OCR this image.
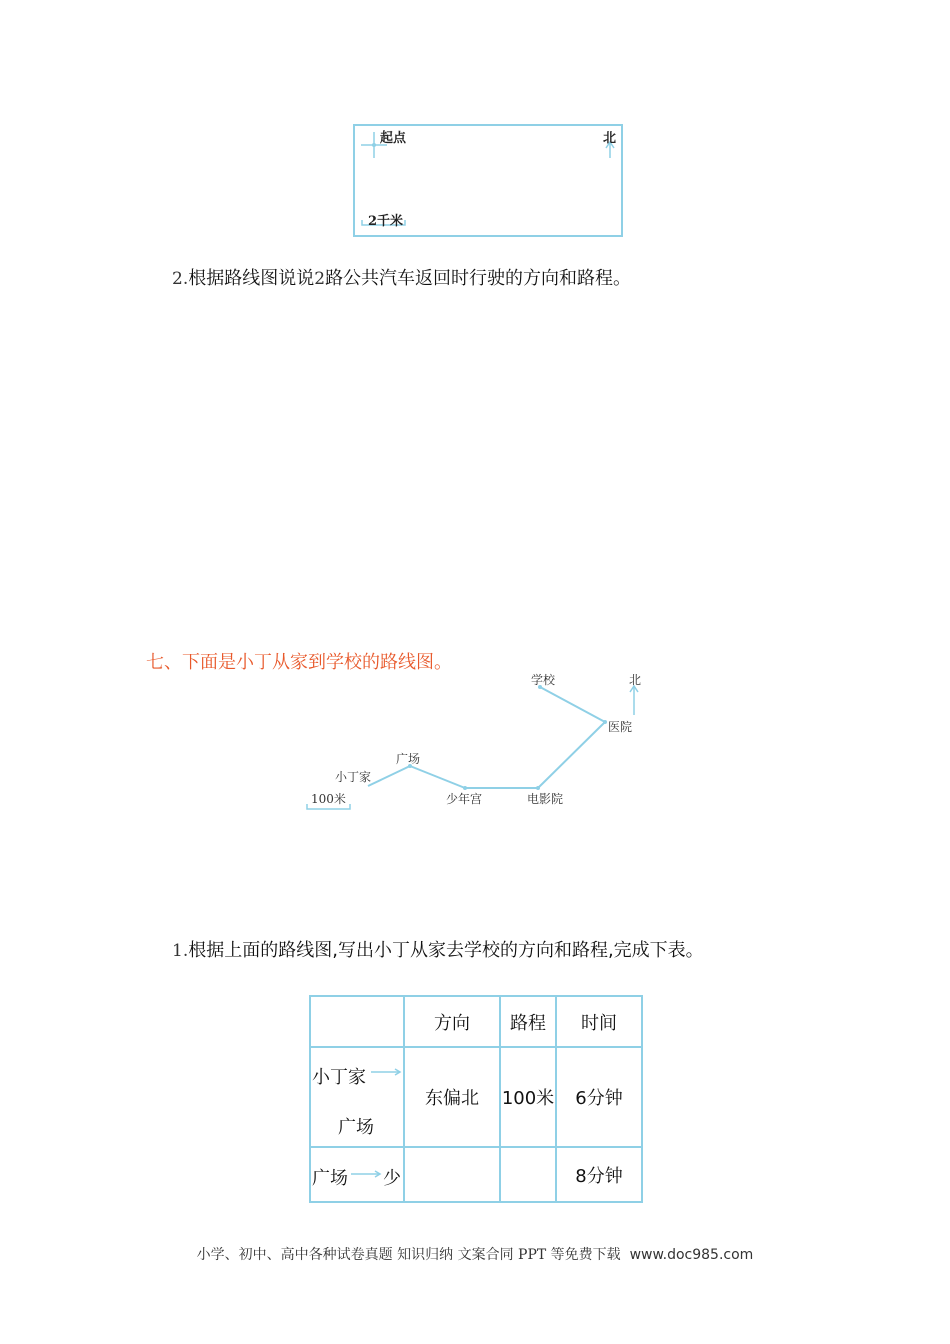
起点	北
2千米
2.根据路线图说说2路公共汽车返回时行驶的方向和路程。
七、下面是小丁从家到学校的路线图。
学校	北
医院
广场
小丁家
少年宫	电影院
100米
1.根据上面的路线图,写出小丁从家去学校的方向和路程,完成下表。
	方向	路程	时间

小丁家
广场	东偏北	100米	6分钟

广场 少			8分钟
小学、初中、高中各种试卷真题 知识归纳 文案合同 PPT 等免费下载 www.doc985.com
